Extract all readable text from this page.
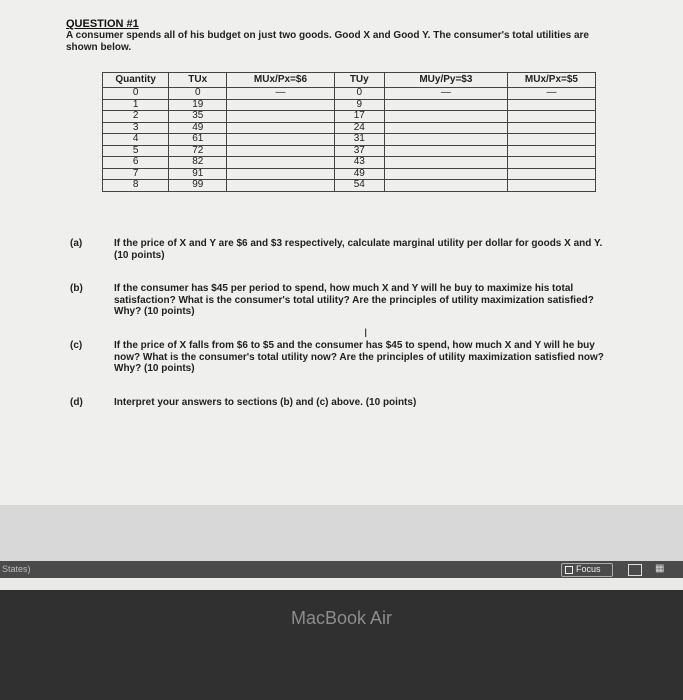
QUESTION #1
A consumer spends all of his budget on just two goods. Good X and Good Y. The consumer's total utilities are shown below.
Quantity	TUx	MUx/Px=$6	TUy	MUy/Py=$3	MUx/Px=$5
0	0	—	0	—	—
1	19		9		
2	35		17		
3	49		24		
4	61		31		
5	72		37		
6	82		43		
7	91		49		
8	99		54		
(a)	If the price of X and Y are $6 and $3 respectively, calculate marginal utility per dollar for goods X and Y. (10 points)
(b)	If the consumer has $45 per period to spend, how much X and Y will he buy to maximize his total satisfaction? What is the consumer's total utility? Are the principles of utility maximization satisfied? Why? (10 points)
(c)	If the price of X falls from $6 to $5 and the consumer has $45 to spend, how much X and Y will he buy now? What is the consumer's total utility now? Are the principles of utility maximization satisfied now? Why? (10 points)
(d)	Interpret your answers to sections (b) and (c) above. (10 points)
I
States)	Focus	▦
MacBook Air
